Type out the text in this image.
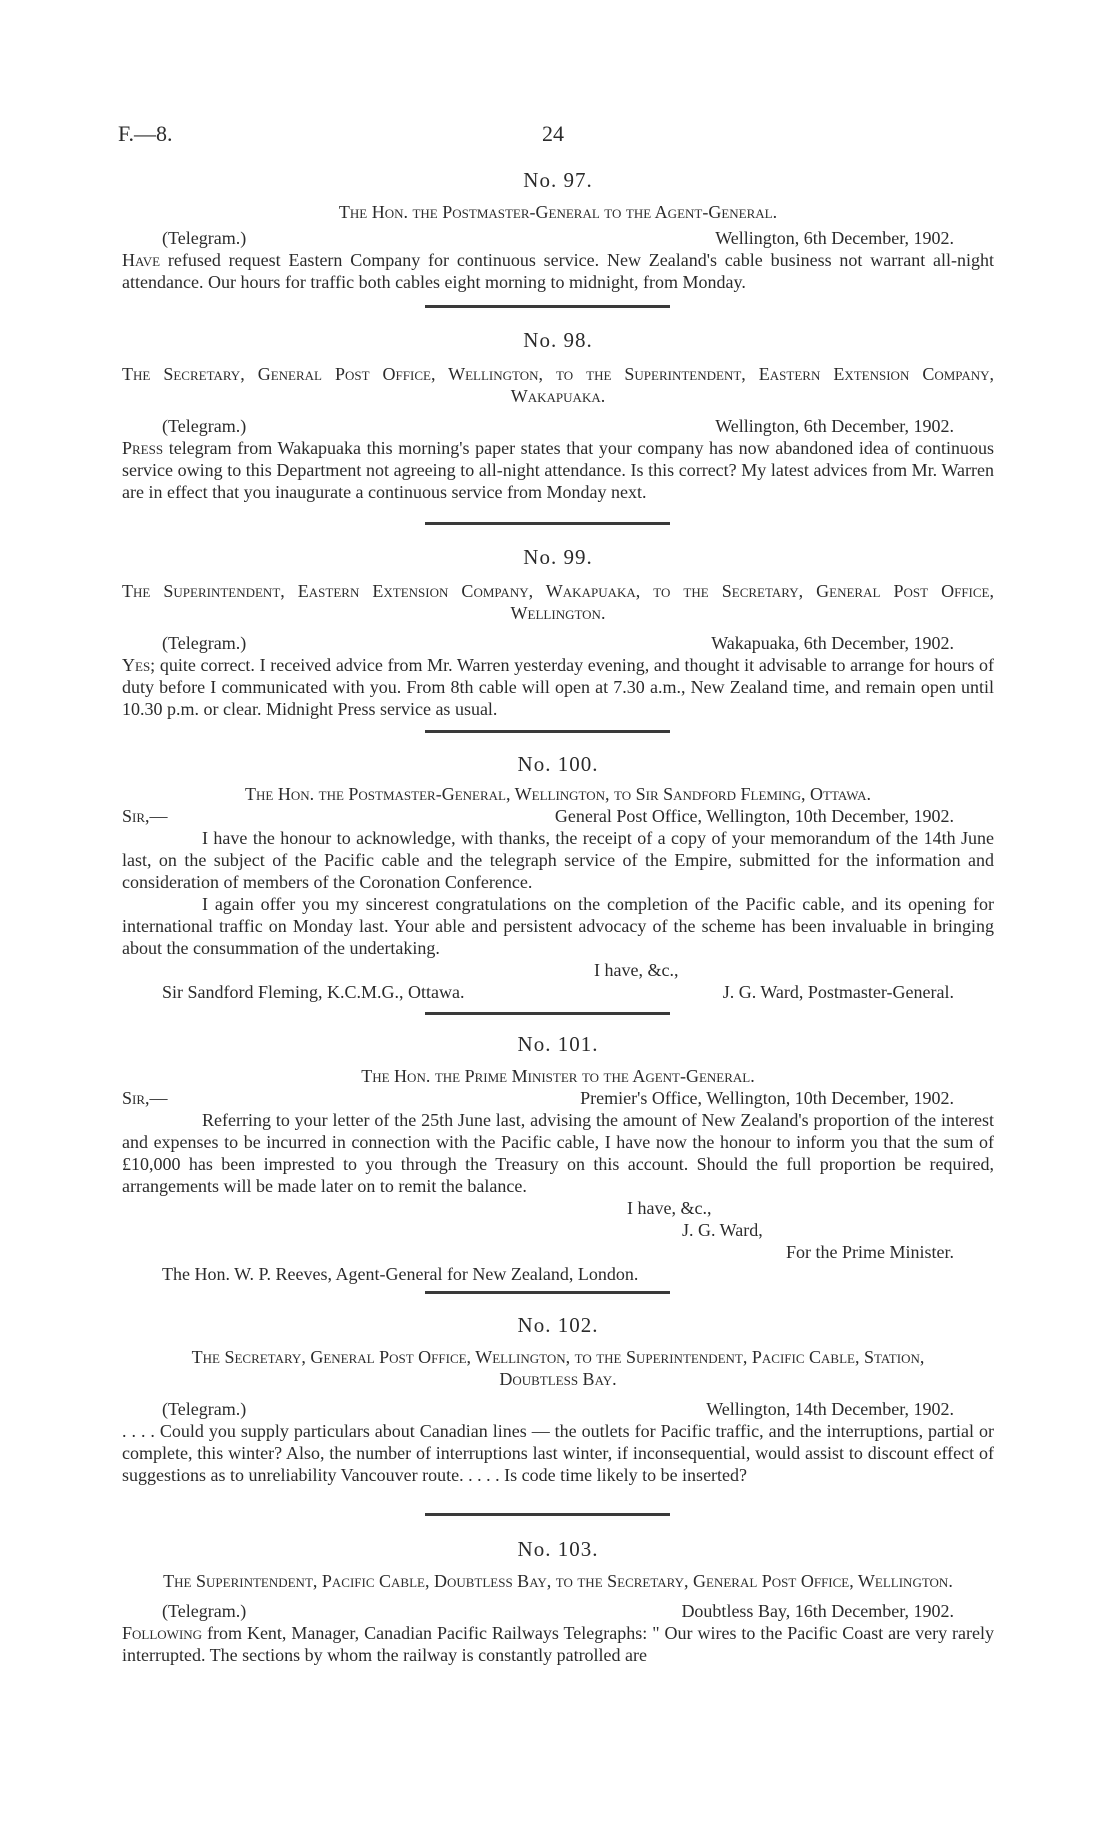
F.—8.	24
No. 97.
The Hon. the Postmaster-General to the Agent-General.
(Telegram.)	Wellington, 6th December, 1902.
Have refused request Eastern Company for continuous service. New Zealand's cable business not warrant all-night attendance. Our hours for traffic both cables eight morning to midnight, from Monday.
No. 98.
The Secretary, General Post Office, Wellington, to the Superintendent, Eastern Extension Company, Wakapuaka.
(Telegram.)	Wellington, 6th December, 1902.
Press telegram from Wakapuaka this morning's paper states that your company has now abandoned idea of continuous service owing to this Department not agreeing to all-night attendance. Is this correct? My latest advices from Mr. Warren are in effect that you inaugurate a continuous service from Monday next.
No. 99.
The Superintendent, Eastern Extension Company, Wakapuaka, to the Secretary, General Post Office, Wellington.
(Telegram.)	Wakapuaka, 6th December, 1902.
Yes; quite correct. I received advice from Mr. Warren yesterday evening, and thought it advisable to arrange for hours of duty before I communicated with you. From 8th cable will open at 7.30 a.m., New Zealand time, and remain open until 10.30 p.m. or clear. Midnight Press service as usual.
No. 100.
The Hon. the Postmaster-General, Wellington, to Sir Sandford Fleming, Ottawa.
Sir,—	General Post Office, Wellington, 10th December, 1902.
I have the honour to acknowledge, with thanks, the receipt of a copy of your memorandum of the 14th June last, on the subject of the Pacific cable and the telegraph service of the Empire, submitted for the information and consideration of members of the Coronation Conference.
I again offer you my sincerest congratulations on the completion of the Pacific cable, and its opening for international traffic on Monday last. Your able and persistent advocacy of the scheme has been invaluable in bringing about the consummation of the undertaking.
I have, &c.,
Sir Sandford Fleming, K.C.M.G., Ottawa.	J. G. Ward, Postmaster-General.
No. 101.
The Hon. the Prime Minister to the Agent-General.
Sir,—	Premier's Office, Wellington, 10th December, 1902.
Referring to your letter of the 25th June last, advising the amount of New Zealand's proportion of the interest and expenses to be incurred in connection with the Pacific cable, I have now the honour to inform you that the sum of £10,000 has been imprested to you through the Treasury on this account. Should the full proportion be required, arrangements will be made later on to remit the balance.
I have, &c.,
J. G. Ward,
For the Prime Minister.
The Hon. W. P. Reeves, Agent-General for New Zealand, London.
No. 102.
The Secretary, General Post Office, Wellington, to the Superintendent, Pacific Cable, Station, Doubtless Bay.
(Telegram.)	Wellington, 14th December, 1902.
. . . . Could you supply particulars about Canadian lines — the outlets for Pacific traffic, and the interruptions, partial or complete, this winter? Also, the number of interruptions last winter, if inconsequential, would assist to discount effect of suggestions as to unreliability Vancouver route. . . . . Is code time likely to be inserted?
No. 103.
The Superintendent, Pacific Cable, Doubtless Bay, to the Secretary, General Post Office, Wellington.
(Telegram.)	Doubtless Bay, 16th December, 1902.
Following from Kent, Manager, Canadian Pacific Railways Telegraphs: " Our wires to the Pacific Coast are very rarely interrupted. The sections by whom the railway is constantly patrolled are
